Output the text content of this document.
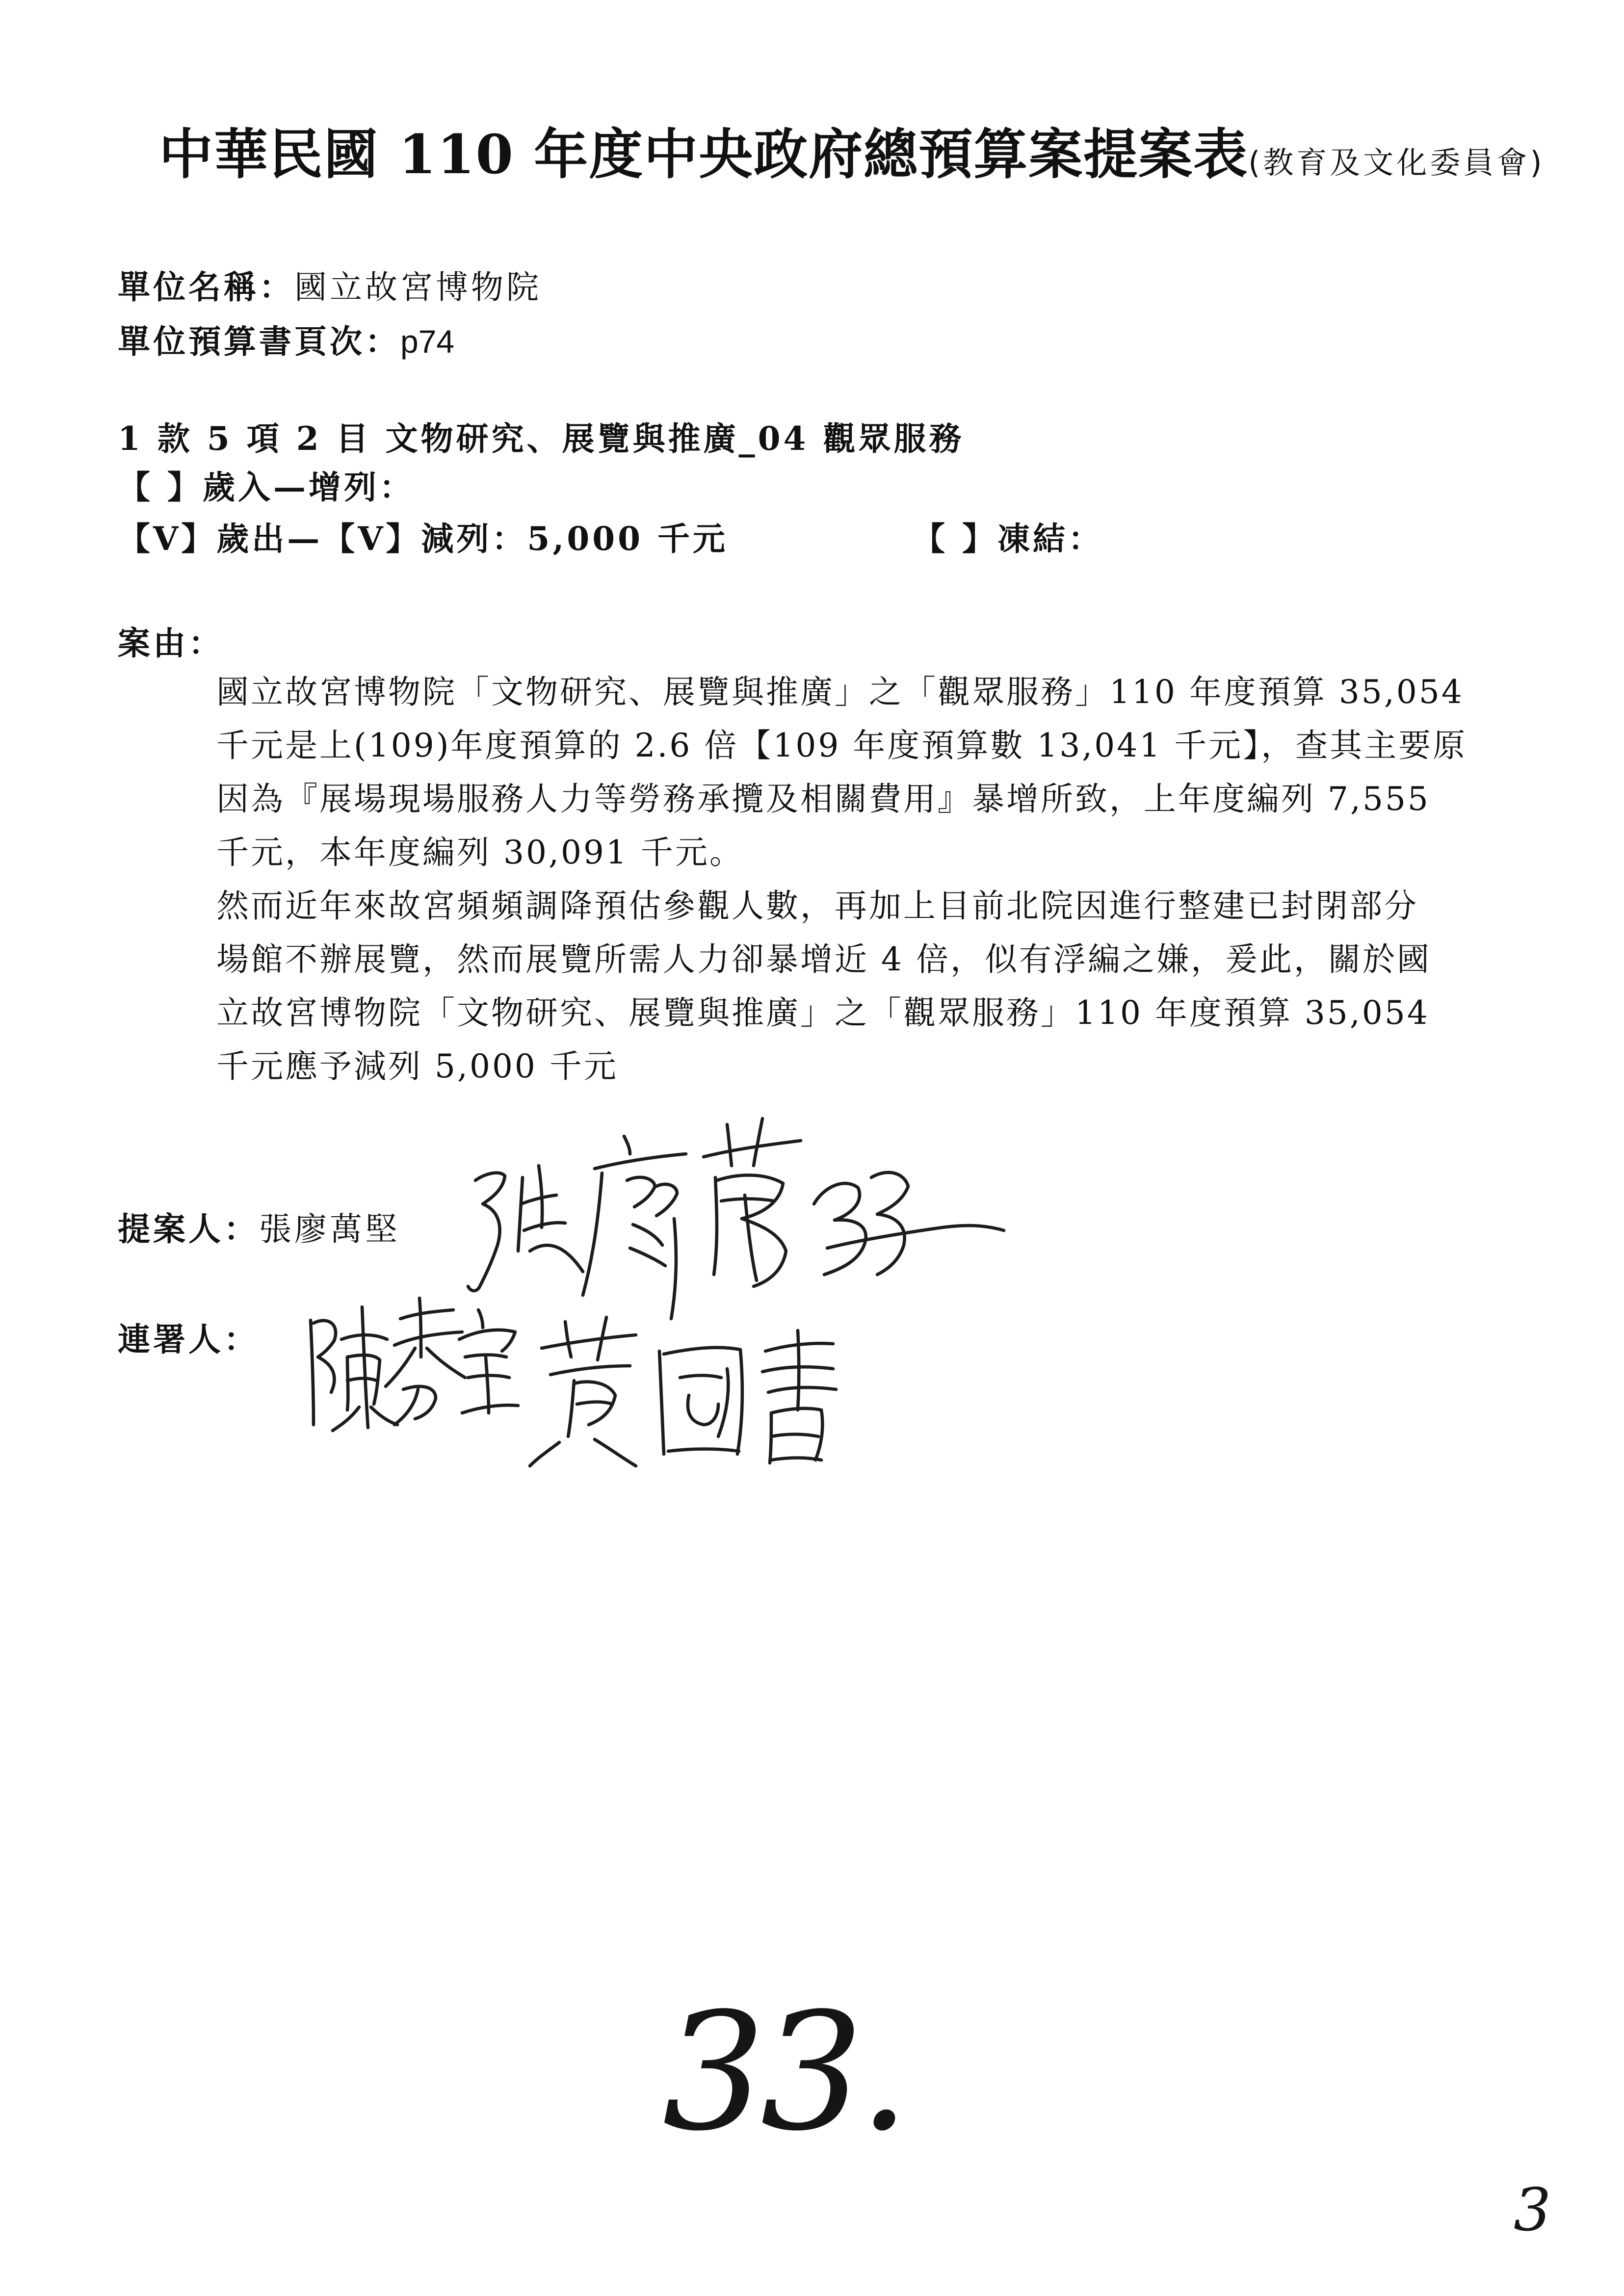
中華民國 110 年度中央政府總預算案提案表 (教育及文化委員會)
單位名稱：國立故宮博物院
單位預算書頁次：p74
1 款 5 項 2 目 文物研究、展覽與推廣_04 觀眾服務
【 】歲入—增列：
【V】歲出—【V】減列：5,000 千元	【 】凍結：
案由：
國立故宮博物院「文物研究、展覽與推廣」之「觀眾服務」110 年度預算 35,054
千元是上(109)年度預算的 2.6 倍【109 年度預算數 13,041 千元】，查其主要原
因為『展場現場服務人力等勞務承攬及相關費用』暴增所致，上年度編列 7,555
千元，本年度編列 30,091 千元。
然而近年來故宮頻頻調降預估參觀人數，再加上目前北院因進行整建已封閉部分
場館不辦展覽，然而展覽所需人力卻暴增近 4 倍，似有浮編之嫌，爰此，關於國
立故宮博物院「文物研究、展覽與推廣」之「觀眾服務」110 年度預算 35,054
千元應予減列 5,000 千元
提案人：張廖萬堅
連署人：
33.
3
